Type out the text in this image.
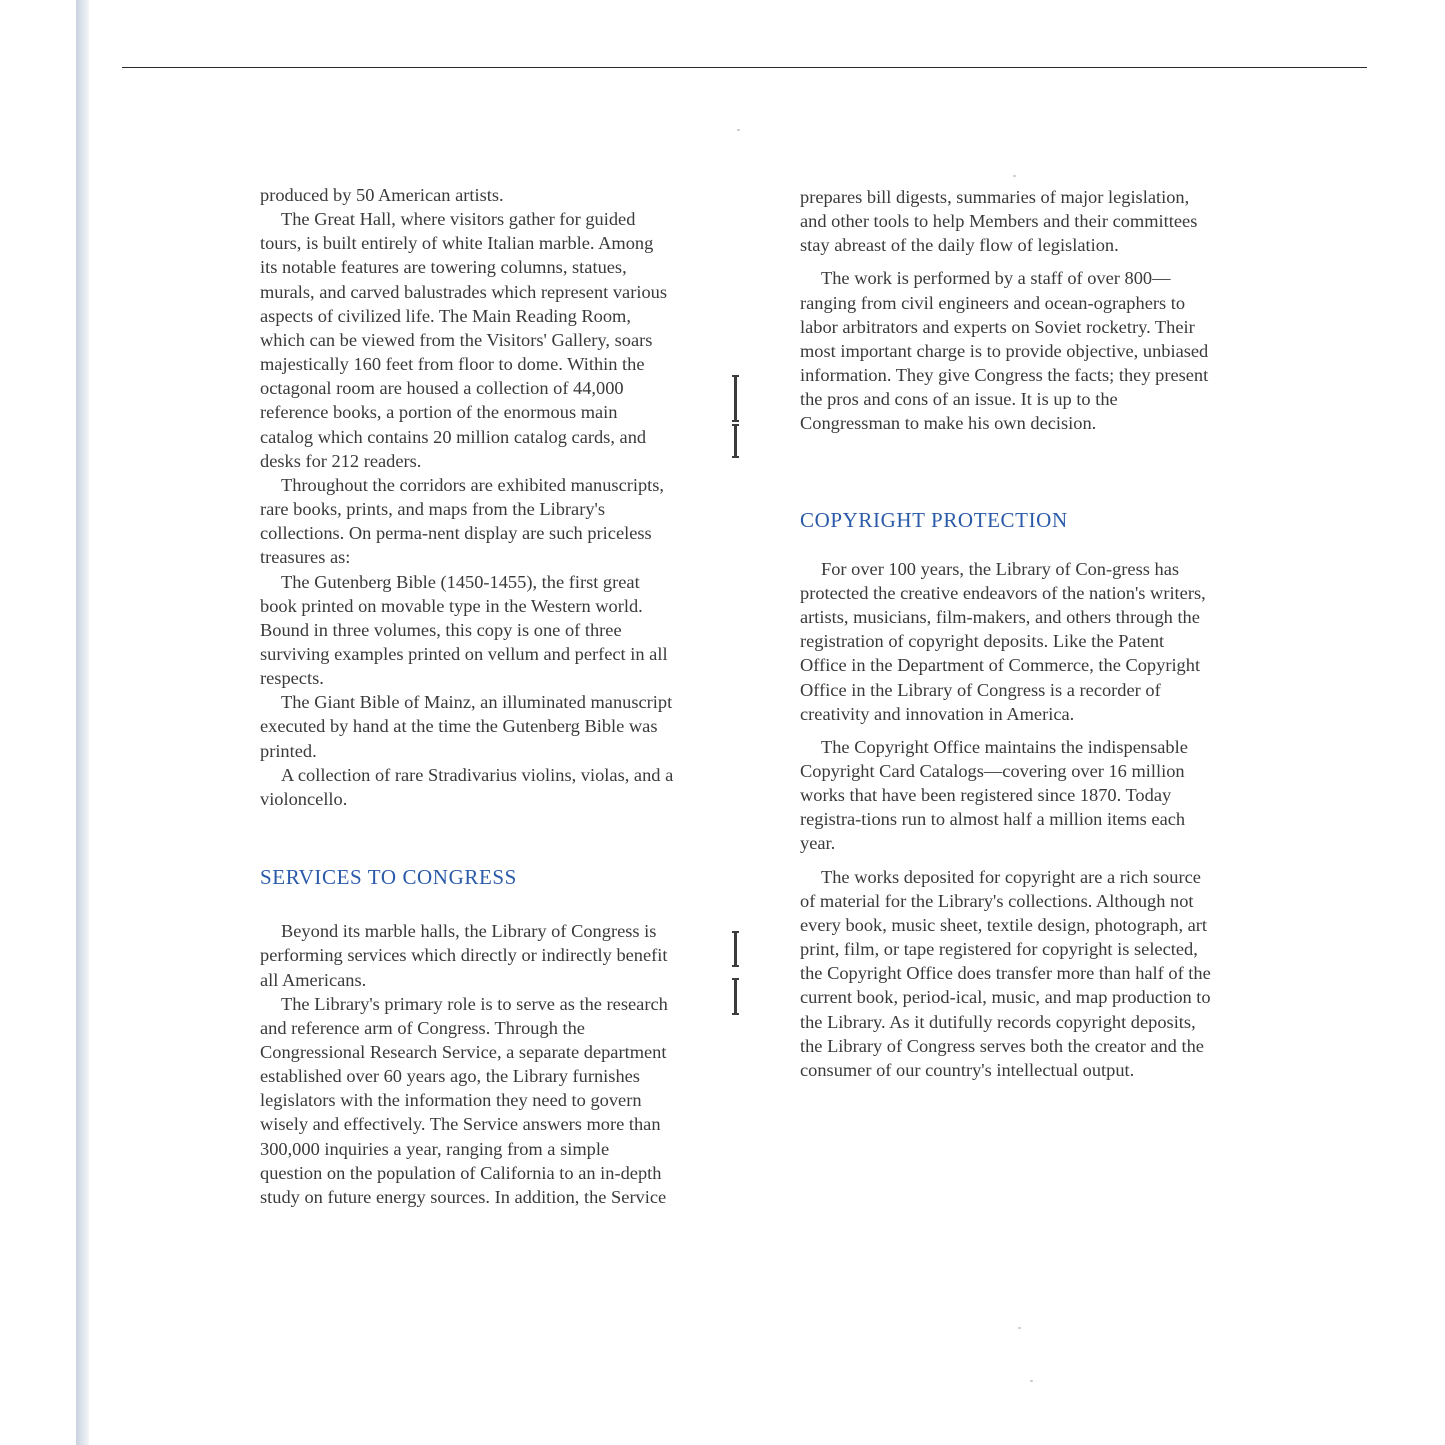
produced by 50 American artists.

The Great Hall, where visitors gather for guided tours, is built entirely of white Italian marble. Among its notable features are towering columns, statues, murals, and carved balustrades which represent various aspects of civilized life. The Main Reading Room, which can be viewed from the Visitors' Gallery, soars majestically 160 feet from floor to dome. Within the octagonal room are housed a collection of 44,000 reference books, a portion of the enormous main catalog which contains 20 million catalog cards, and desks for 212 readers.

Throughout the corridors are exhibited manuscripts, rare books, prints, and maps from the Library's collections. On perma-nent display are such priceless treasures as:

The Gutenberg Bible (1450-1455), the first great book printed on movable type in the Western world. Bound in three volumes, this copy is one of three surviving examples printed on vellum and perfect in all respects.

The Giant Bible of Mainz, an illuminated manuscript executed by hand at the time the Gutenberg Bible was printed.

A collection of rare Stradivarius violins, violas, and a violoncello.

SERVICES TO CONGRESS

Beyond its marble halls, the Library of Congress is performing services which directly or indirectly benefit all Americans.

The Library's primary role is to serve as the research and reference arm of Congress. Through the Congressional Research Service, a separate department established over 60 years ago, the Library furnishes legislators with the information they need to govern wisely and effectively. The Service answers more than 300,000 inquiries a year, ranging from a simple question on the population of California to an in-depth study on future energy sources. In addition, the Service

prepares bill digests, summaries of major legislation, and other tools to help Members and their committees stay abreast of the daily flow of legislation.

The work is performed by a staff of over 800—ranging from civil engineers and ocean-ographers to labor arbitrators and experts on Soviet rocketry. Their most important charge is to provide objective, unbiased information. They give Congress the facts; they present the pros and cons of an issue. It is up to the Congressman to make his own decision.

COPYRIGHT PROTECTION

For over 100 years, the Library of Con-gress has protected the creative endeavors of the nation's writers, artists, musicians, film-makers, and others through the registration of copyright deposits. Like the Patent Office in the Department of Commerce, the Copyright Office in the Library of Congress is a recorder of creativity and innovation in America.

The Copyright Office maintains the indispensable Copyright Card Catalogs—covering over 16 million works that have been registered since 1870. Today registra-tions run to almost half a million items each year.

The works deposited for copyright are a rich source of material for the Library's collections. Although not every book, music sheet, textile design, photograph, art print, film, or tape registered for copyright is selected, the Copyright Office does transfer more than half of the current book, period-ical, music, and map production to the Library. As it dutifully records copyright deposits, the Library of Congress serves both the creator and the consumer of our country's intellectual output.
